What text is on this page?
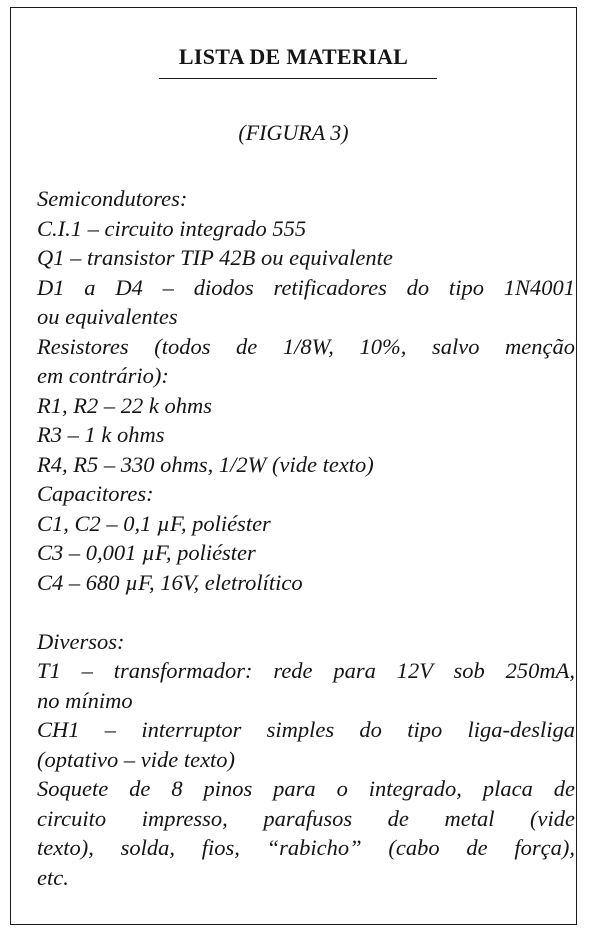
LISTA DE MATERIAL
(FIGURA 3)
Semicondutores:
C.I.1 – circuito integrado 555
Q1 – transistor TIP 42B ou equivalente
D1 a D4 – diodos retificadores do tipo 1N4001
ou equivalentes
Resistores (todos de 1/8W, 10%, salvo menção
em contrário):
R1, R2 – 22 k ohms
R3 – 1 k ohms
R4, R5 – 330 ohms, 1/2W (vide texto)
Capacitores:
C1, C2 – 0,1 µF, poliéster
C3 – 0,001 µF, poliéster
C4 – 680 µF, 16V, eletrolítico
Diversos:
T1 – transformador: rede para 12V sob 250mA,
no mínimo
CH1 – interruptor simples do tipo liga-desliga
(optativo – vide texto)
Soquete de 8 pinos para o integrado, placa de
circuito impresso, parafusos de metal (vide
texto), solda, fios, “rabicho” (cabo de força),
etc.
